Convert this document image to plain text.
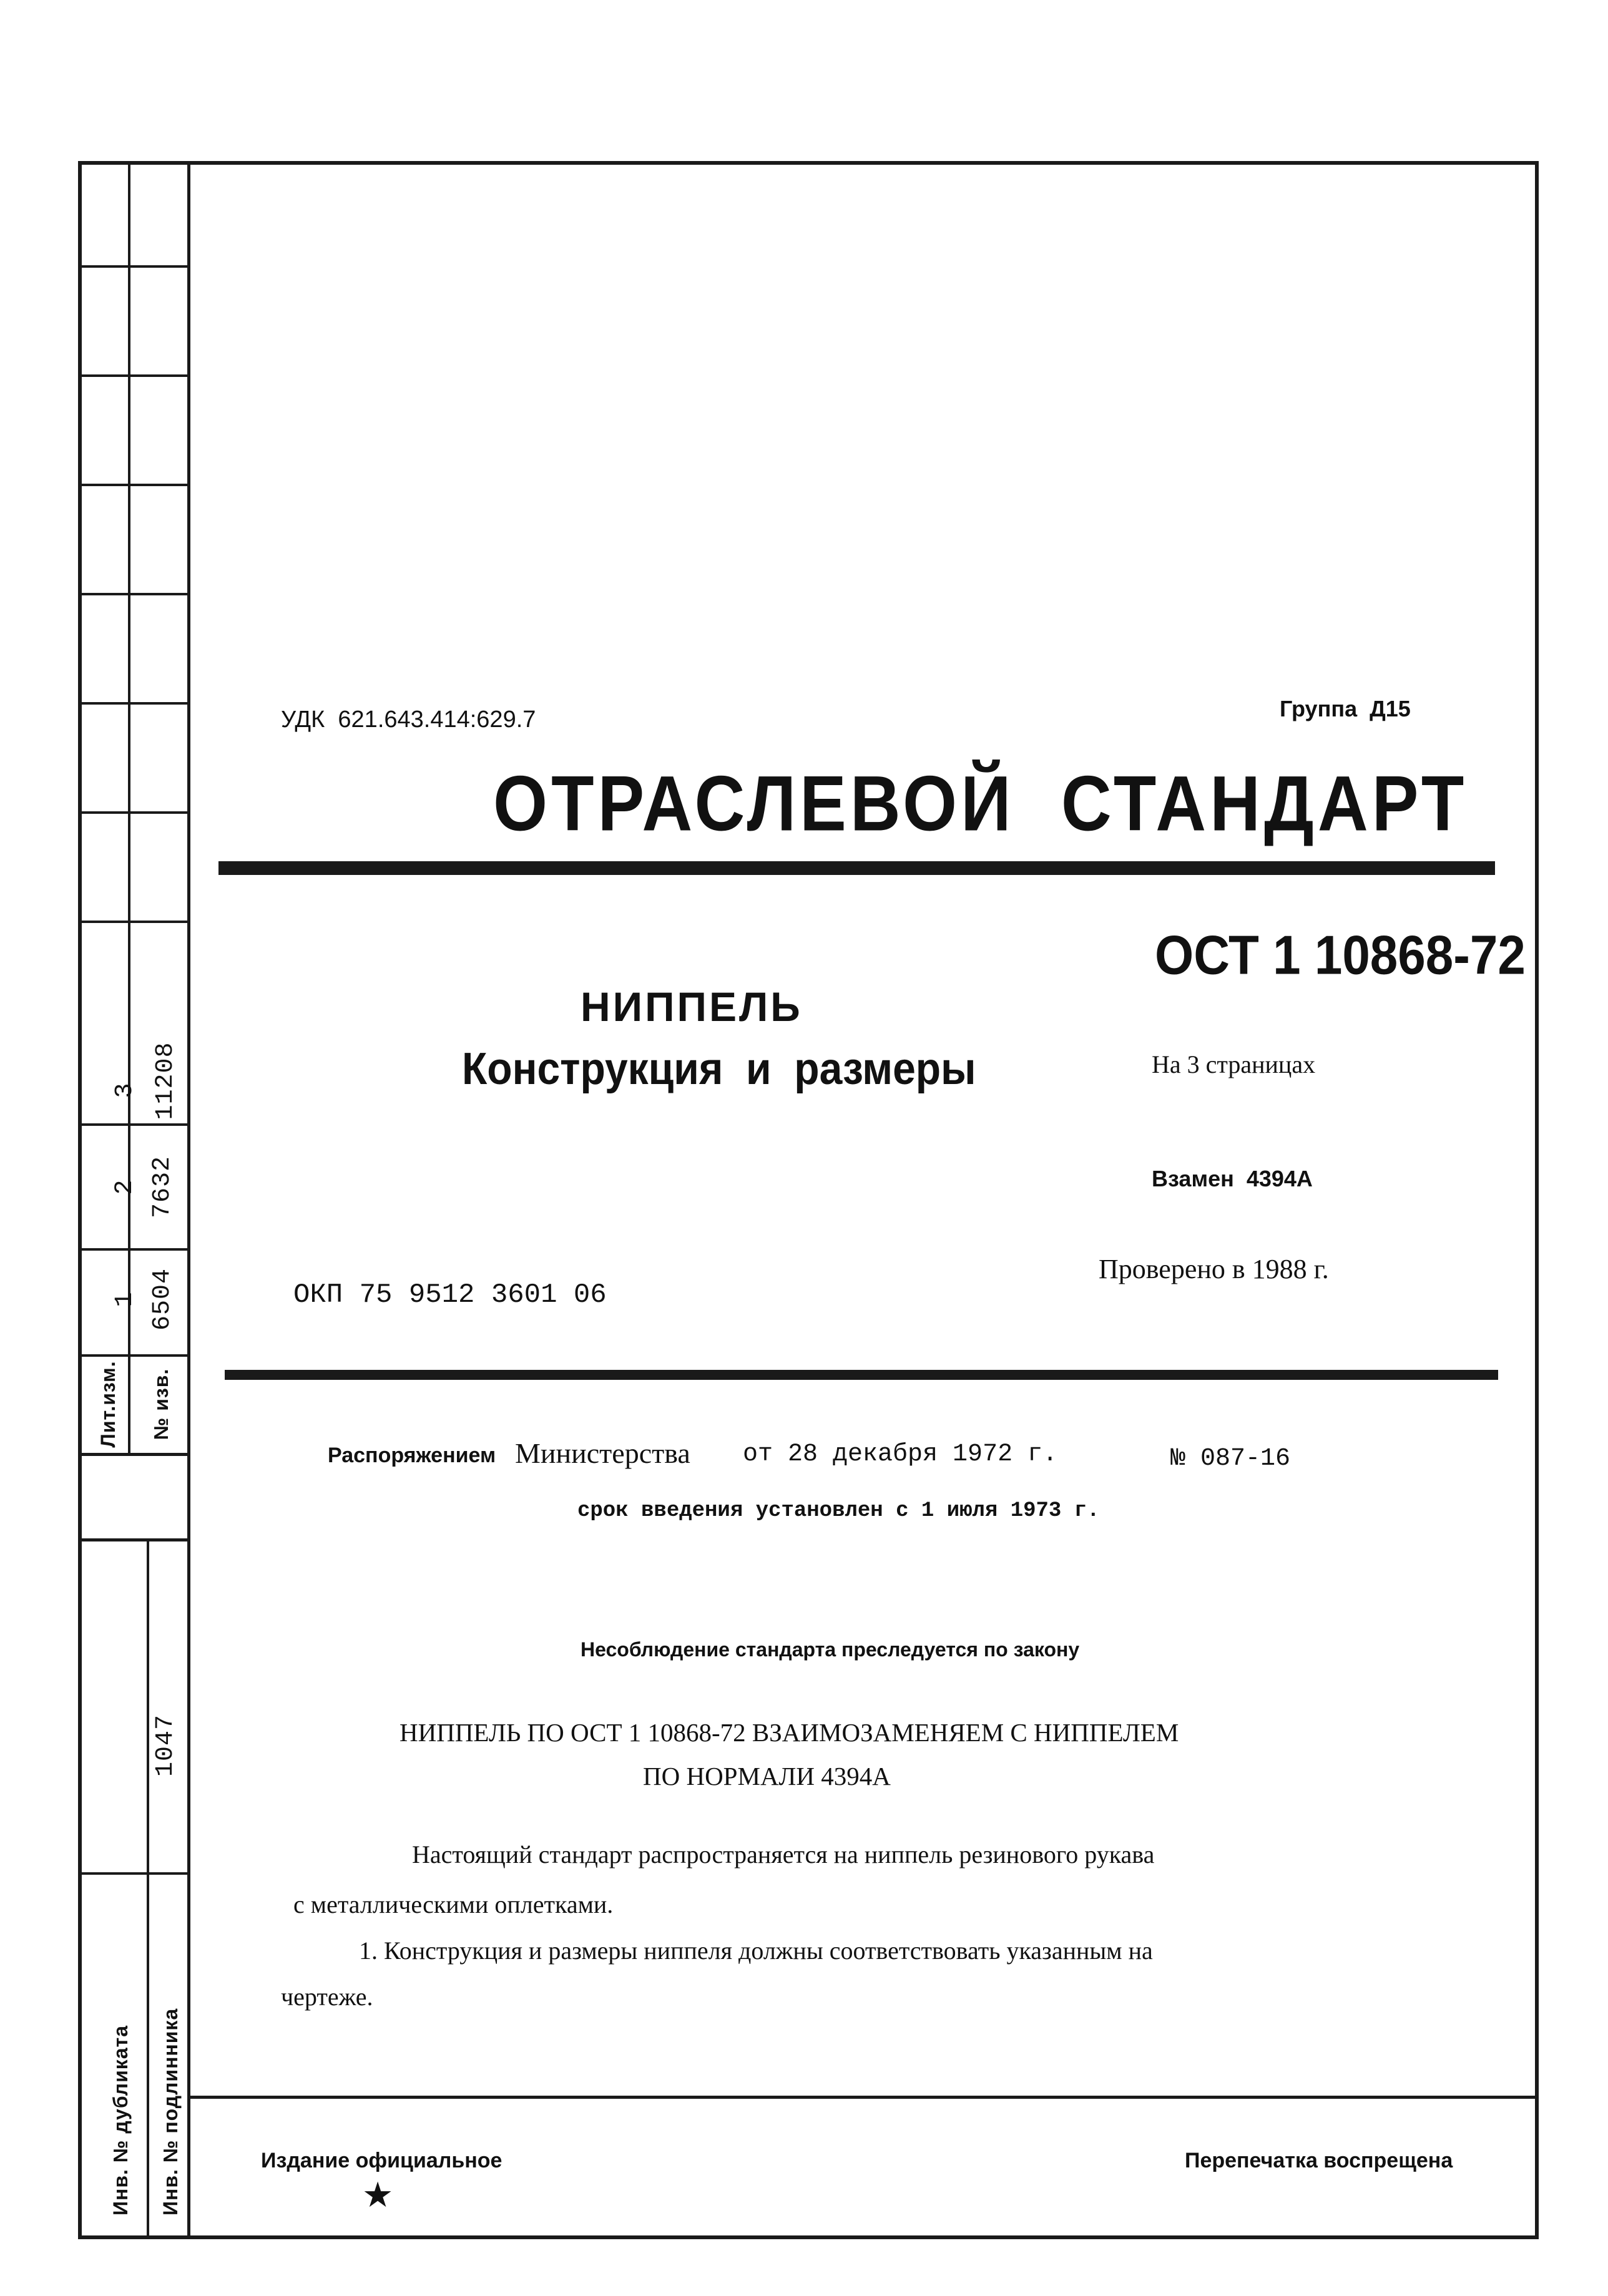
3 11208
2 7632
1 6504
Лит.изм. № изв.
1047
Инв. № дубликата Инв. № подлинника
УДК  621.643.414:629.7	Группа  Д15
ОТРАСЛЕВОЙ  СТАНДАРТ
ОСТ 1 10868-72
НИППЕЛЬ
Конструкция  и  размеры	На 3 страницах
Взамен  4394А
Проверено в 1988 г.
ОКП 75 9512 3601 06
Распоряжением Министерства от 28 декабря 1972 г.	№ 087-16
срок введения установлен с 1 июля 1973 г.
Несоблюдение стандарта преследуется по закону
НИППЕЛЬ ПО ОСТ 1 10868-72 ВЗАИМОЗАМЕНЯЕМ С НИППЕЛЕМ
ПО НОРМАЛИ 4394А
Настоящий стандарт распространяется на ниппель резинового рукава
с металлическими оплетками.
1. Конструкция и размеры ниппеля должны соответствовать указанным на
чертеже.
Издание официальное
★
Перепечатка воспрещена
